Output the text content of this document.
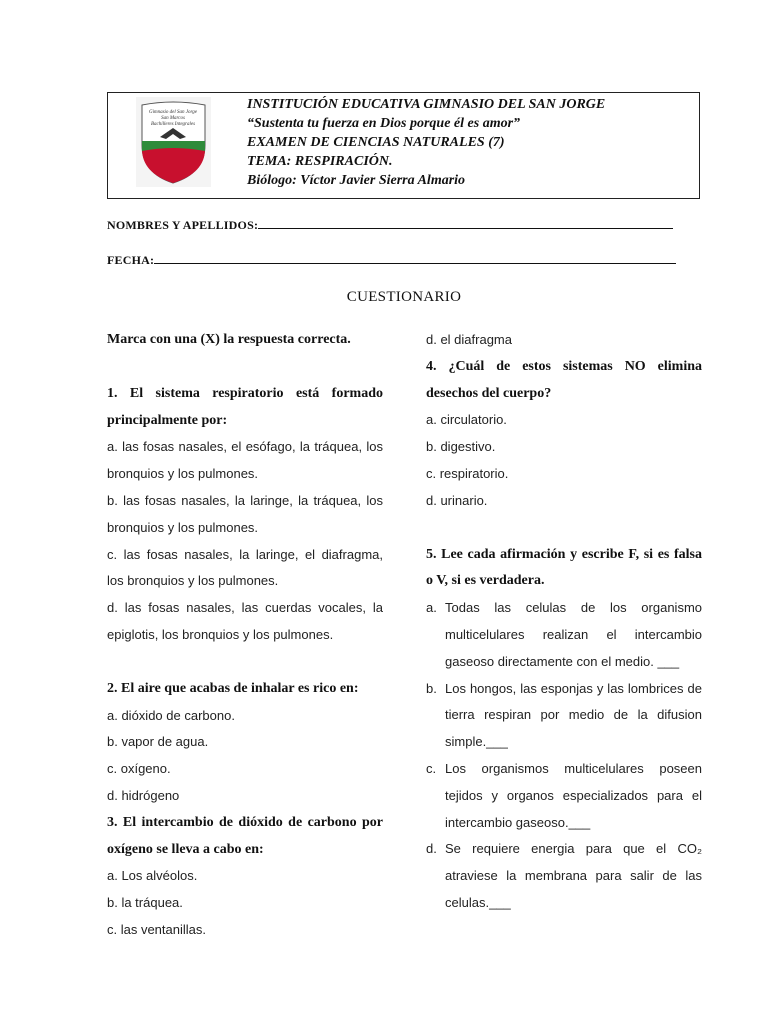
Gimnasio del San Jorge
San Marcos
Bachilleres Integrales
INSTITUCIÓN EDUCATIVA GIMNASIO DEL SAN JORGE
“Sustenta tu fuerza en Dios porque él es amor”
EXAMEN DE CIENCIAS NATURALES (7)
TEMA: RESPIRACIÓN.
Biólogo: Víctor Javier Sierra Almario
NOMBRES Y APELLIDOS:
FECHA:
CUESTIONARIO
Marca con una (X) la respuesta correcta.
1. El sistema respiratorio está formado principalmente por:
a. las fosas nasales, el esófago, la tráquea, los bronquios y los pulmones.
b. las fosas nasales, la laringe, la tráquea, los bronquios y los pulmones.
c. las fosas nasales, la laringe, el diafragma, los bronquios y los pulmones.
d. las fosas nasales, las cuerdas vocales, la epiglotis, los bronquios y los pulmones.
2. El aire que acabas de inhalar es rico en:
a. dióxido de carbono.
b. vapor de agua.
c. oxígeno.
d. hidrógeno
3. El intercambio de dióxido de carbono por oxígeno se lleva a cabo en:
a. Los alvéolos.
b. la tráquea.
c. las ventanillas.
d. el diafragma
4. ¿Cuál de estos sistemas NO elimina desechos del cuerpo?
a. circulatorio.
b. digestivo.
c. respiratorio.
d. urinario.
5. Lee cada afirmación y escribe F, si es falsa o V, si es verdadera.
a. Todas las celulas de los organismo multicelulares realizan el intercambio gaseoso directamente con el medio. ___
b. Los hongos, las esponjas y las lombrices de tierra respiran por medio de la difusion simple.___
c. Los organismos multicelulares poseen tejidos y organos especializados para el intercambio gaseoso.___
d. Se requiere energia para que el CO₂ atraviese la membrana para salir de las celulas.___
